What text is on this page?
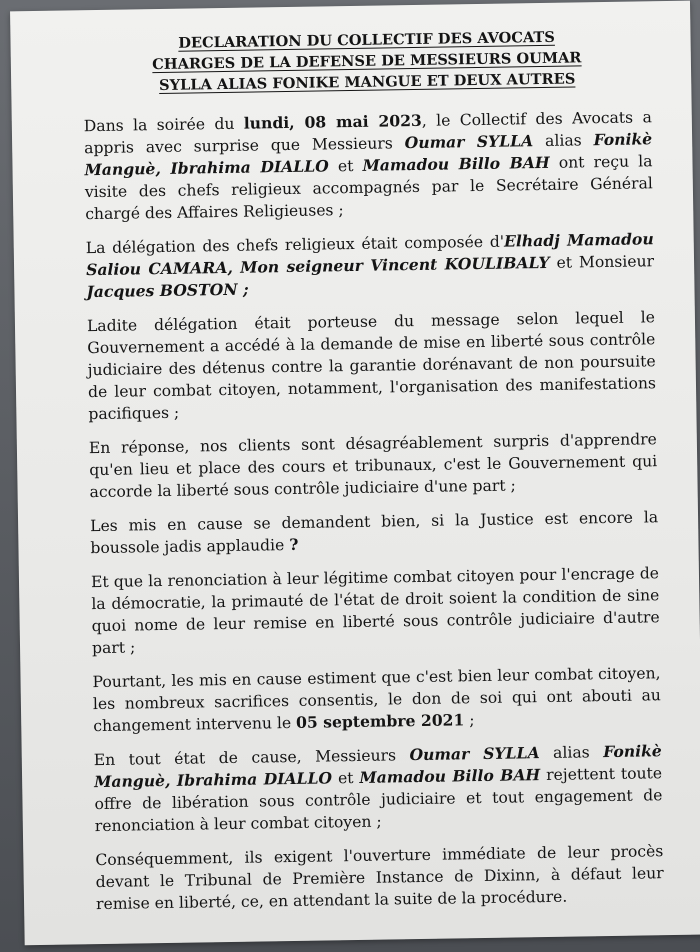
DECLARATION DU COLLECTIF DES AVOCATS
CHARGES DE LA DEFENSE DE MESSIEURS OUMAR
SYLLA ALIAS FONIKE MANGUE ET DEUX AUTRES

Dans la soirée du lundi, 08 mai 2023, le Collectif des Avocats a appris avec surprise que Messieurs Oumar SYLLA alias Fonikè Manguè, Ibrahima DIALLO et Mamadou Billo BAH ont reçu la visite des chefs religieux accompagnés par le Secrétaire Général chargé des Affaires Religieuses ;

La délégation des chefs religieux était composée d'Elhadj Mamadou Saliou CAMARA, Mon seigneur Vincent KOULIBALY et Monsieur Jacques BOSTON ;

Ladite délégation était porteuse du message selon lequel le Gouvernement a accédé à la demande de mise en liberté sous contrôle judiciaire des détenus contre la garantie dorénavant de non poursuite de leur combat citoyen, notamment, l'organisation des manifestations pacifiques ;

En réponse, nos clients sont désagréablement surpris d'apprendre qu'en lieu et place des cours et tribunaux, c'est le Gouvernement qui accorde la liberté sous contrôle judiciaire d'une part ;

Les mis en cause se demandent bien, si la Justice est encore la boussole jadis applaudie ?

Et que la renonciation à leur légitime combat citoyen pour l'encrage de la démocratie, la primauté de l'état de droit soient la condition de sine quoi nome de leur remise en liberté sous contrôle judiciaire d'autre part ;

Pourtant, les mis en cause estiment que c'est bien leur combat citoyen, les nombreux sacrifices consentis, le don de soi qui ont abouti au changement intervenu le 05 septembre 2021 ;

En tout état de cause, Messieurs Oumar SYLLA alias Fonikè Manguè, Ibrahima DIALLO et Mamadou Billo BAH rejettent toute offre de libération sous contrôle judiciaire et tout engagement de renonciation à leur combat citoyen ;

Conséquemment, ils exigent l'ouverture immédiate de leur procès devant le Tribunal de Première Instance de Dixinn, à défaut leur remise en liberté, ce, en attendant la suite de la procédure.
